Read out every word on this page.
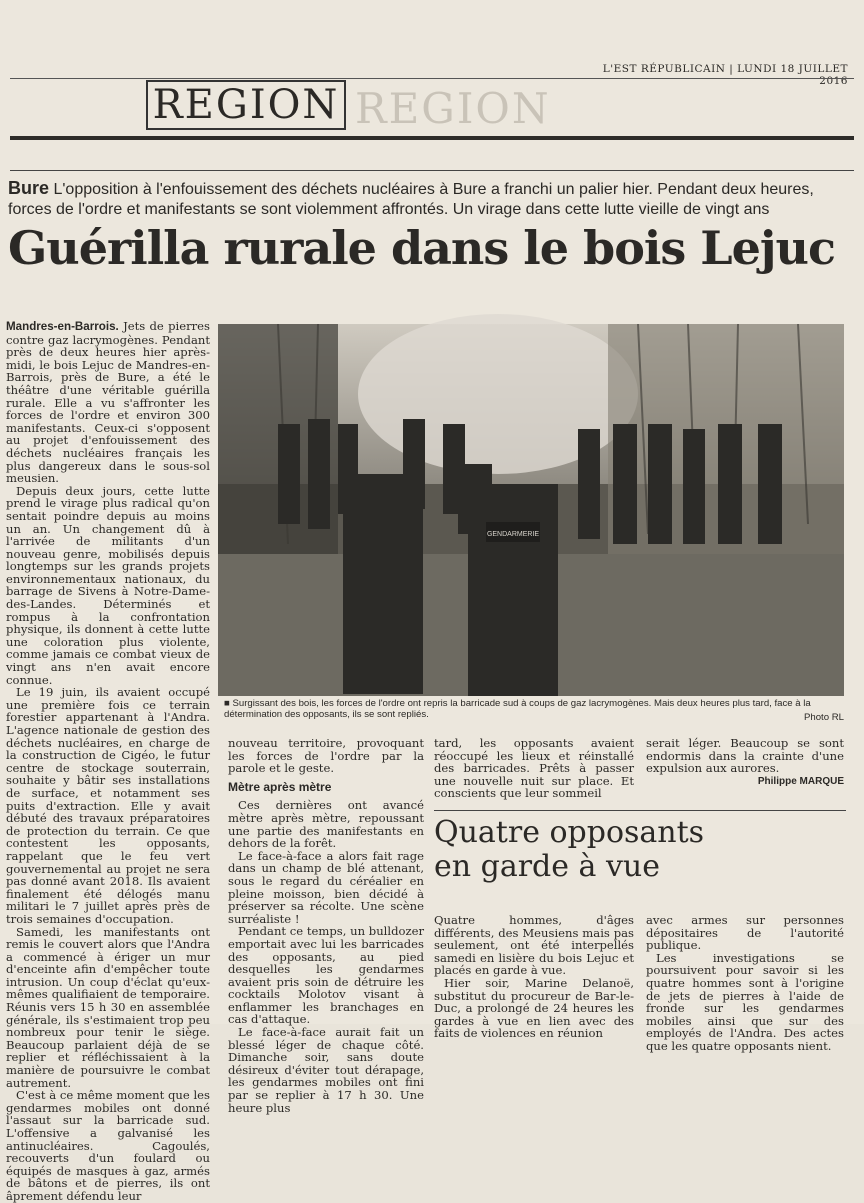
L'EST RÉPUBLICAIN | LUNDI 18 JUILLET 2016
REGION
REGION
Bure L'opposition à l'enfouissement des déchets nucléaires à Bure a franchi un palier hier. Pendant deux heures, forces de l'ordre et manifestants se sont violemment affrontés. Un virage dans cette lutte vieille de vingt ans
Guérilla rurale dans le bois Lejuc

Mandres-en-Barrois. Jets de pierres contre gaz lacrymogènes. Pendant près de deux heures hier après-midi, le bois Lejuc de Mandres-en-Barrois, près de Bure, a été le théâtre d'une véritable guérilla rurale. Elle a vu s'affronter les forces de l'ordre et environ 300 manifestants. Ceux-ci s'opposent au projet d'enfouissement des déchets nucléaires français les plus dangereux dans le sous-sol meusien.

Depuis deux jours, cette lutte prend le virage plus radical qu'on sentait poindre depuis au moins un an. Un changement dû à l'arrivée de militants d'un nouveau genre, mobilisés depuis longtemps sur les grands projets environnementaux nationaux, du barrage de Sivens à Notre-Dame-des-Landes. Déterminés et rompus à la confrontation physique, ils donnent à cette lutte une coloration plus violente, comme jamais ce combat vieux de vingt ans n'en avait encore connue.

Le 19 juin, ils avaient occupé une première fois ce terrain forestier appartenant à l'Andra. L'agence nationale de gestion des déchets nucléaires, en charge de la construction de Cigéo, le futur centre de stockage souterrain, souhaite y bâtir ses installations de surface, et notamment ses puits d'extraction. Elle y avait débuté des travaux préparatoires de protection du terrain. Ce que contestent les opposants, rappelant que le feu vert gouvernemental au projet ne sera pas donné avant 2018. Ils avaient finalement été délogés manu militari le 7 juillet après près de trois semaines d'occupation.

Samedi, les manifestants ont remis le couvert alors que l'Andra a commencé à ériger un mur d'enceinte afin d'empêcher toute intrusion. Un coup d'éclat qu'eux-mêmes qualifiaient de temporaire. Réunis vers 15 h 30 en assemblée générale, ils s'estimaient trop peu nombreux pour tenir le siège. Beaucoup parlaient déjà de se replier et réfléchissaient à la manière de poursuivre le combat autrement.

C'est à ce même moment que les gendarmes mobiles ont donné l'assaut sur la barricade sud. L'offensive a galvanisé les antinucléaires. Cagoulés, recouverts d'un foulard ou équipés de masques à gaz, armés de bâtons et de pierres, ils ont âprement défendu leur

GENDARMERIE
■ Surgissant des bois, les forces de l'ordre ont repris la barricade sud à coups de gaz lacrymogènes. Mais deux heures plus tard, face à la détermination des opposants, ils se sont repliés.	Photo RL

nouveau territoire, provoquant les forces de l'ordre par la parole et le geste.

Mètre après mètre

Ces dernières ont avancé mètre après mètre, repoussant une partie des manifestants en dehors de la forêt.

Le face-à-face a alors fait rage dans un champ de blé attenant, sous le regard du céréalier en pleine moisson, bien décidé à préserver sa récolte. Une scène surréaliste !

Pendant ce temps, un bulldozer emportait avec lui les barricades des opposants, au pied desquelles les gendarmes avaient pris soin de détruire les cocktails Molotov visant à enflammer les branchages en cas d'attaque.

Le face-à-face aurait fait un blessé léger de chaque côté. Dimanche soir, sans doute désireux d'éviter tout dérapage, les gendarmes mobiles ont fini par se replier à 17 h 30. Une heure plus

tard, les opposants avaient réoccupé les lieux et réinstallé des barricades. Prêts à passer une nouvelle nuit sur place. Et conscients que leur sommeil

serait léger. Beaucoup se sont endormis dans la crainte d'une expulsion aux aurores.

Philippe MARQUE
Quatre opposants
en garde à vue

Quatre hommes, d'âges différents, des Meusiens mais pas seulement, ont été interpellés samedi en lisière du bois Lejuc et placés en garde à vue.

Hier soir, Marine Delanoë, substitut du procureur de Bar-le-Duc, a prolongé de 24 heures les gardes à vue en lien avec des faits de violences en réunion

avec armes sur personnes dépositaires de l'autorité publique.

Les investigations se poursuivent pour savoir si les quatre hommes sont à l'origine de jets de pierres à l'aide de fronde sur les gendarmes mobiles ainsi que sur des employés de l'Andra. Des actes que les quatre opposants nient.
